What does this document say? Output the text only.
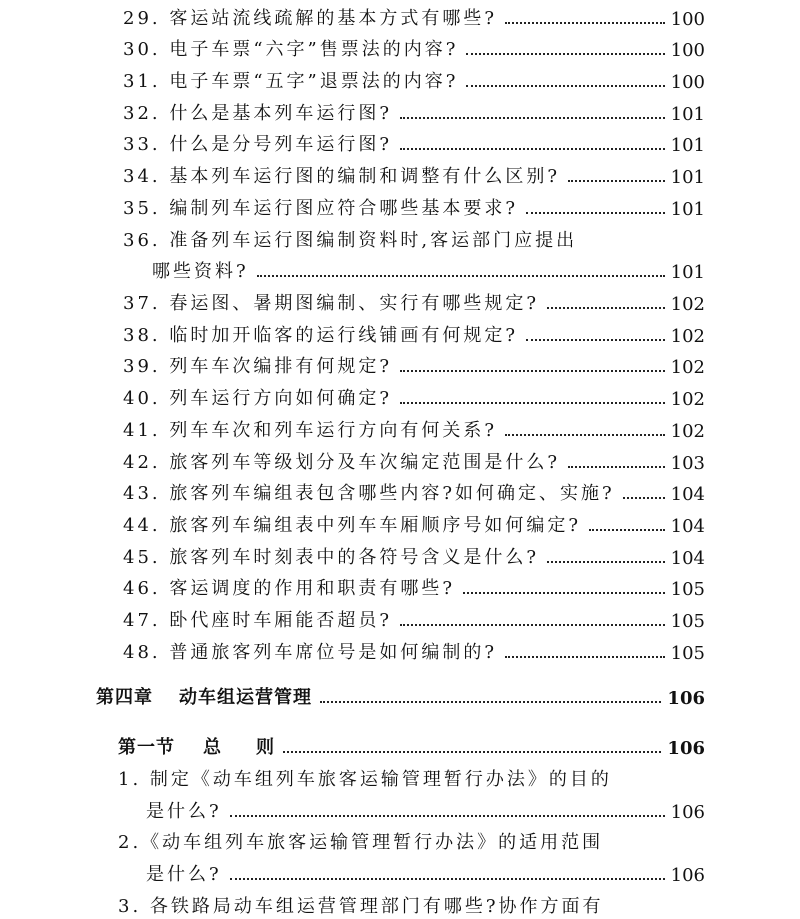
29. 客运站流线疏解的基本方式有哪些?	100
30. 电子车票“六字”售票法的内容?	100
31. 电子车票“五字”退票法的内容?	100
32. 什么是基本列车运行图?	101
33. 什么是分号列车运行图?	101
34. 基本列车运行图的编制和调整有什么区别?	101
35. 编制列车运行图应符合哪些基本要求?	101
36. 准备列车运行图编制资料时,客运部门应提出
哪些资料?	101
37. 春运图、暑期图编制、实行有哪些规定?	102
38. 临时加开临客的运行线铺画有何规定?	102
39. 列车车次编排有何规定?	102
40. 列车运行方向如何确定?	102
41. 列车车次和列车运行方向有何关系?	102
42. 旅客列车等级划分及车次编定范围是什么?	103
43. 旅客列车编组表包含哪些内容?如何确定、实施?	104
44. 旅客列车编组表中列车车厢顺序号如何编定?	104
45. 旅客列车时刻表中的各符号含义是什么?	104
46. 客运调度的作用和职责有哪些?	105
47. 卧代座时车厢能否超员?	105
48. 普通旅客列车席位号是如何编制的?	105
第四章 动车组运营管理	106
第一节 总 则	106
1. 制定《动车组列车旅客运输管理暂行办法》的目的
是什么?	106
2.《动车组列车旅客运输管理暂行办法》的适用范围
是什么?	106
3. 各铁路局动车组运营管理部门有哪些?协作方面有
